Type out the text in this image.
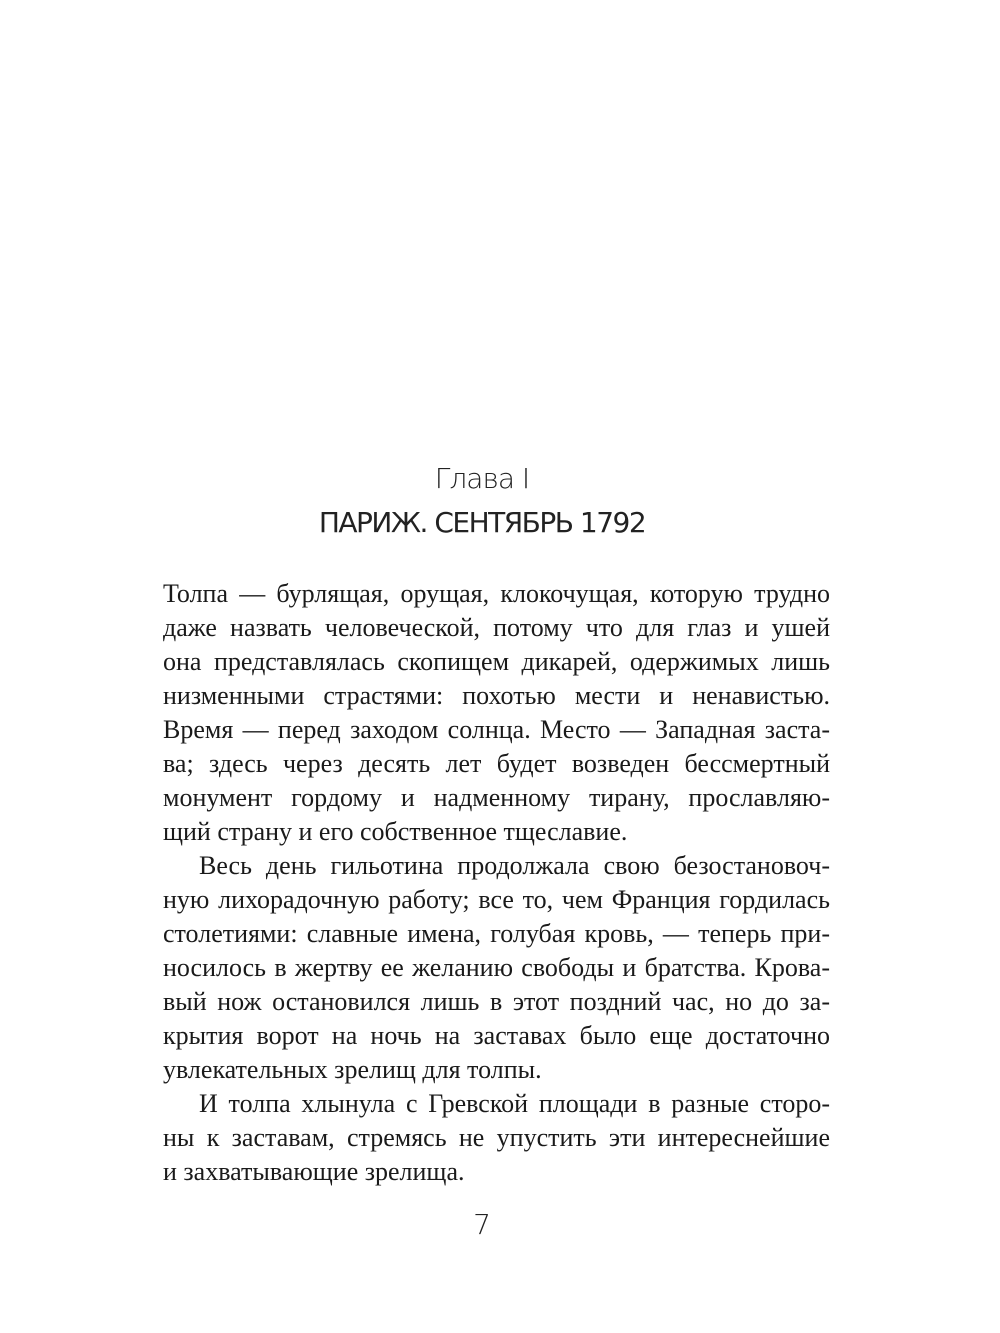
Глава I
ПАРИЖ. СЕНТЯБРЬ 1792
Толпа — бурлящая, орущая, клокочущая, которую трудно
даже назвать человеческой, потому что для глаз и ушей
она представлялась скопищем дикарей, одержимых лишь
низменными страстями: похотью мести и ненавистью.
Время — перед заходом солнца. Место — Западная заста-
ва; здесь через десять лет будет возведен бессмертный
монумент гордому и надменному тирану, прославляю-
щий страну и его собственное тщеславие.
Весь день гильотина продолжала свою безостановоч-
ную лихорадочную работу; все то, чем Франция гордилась
столетиями: славные имена, голубая кровь, — теперь при-
носилось в жертву ее желанию свободы и братства. Крова-
вый нож остановился лишь в этот поздний час, но до за-
крытия ворот на ночь на заставах было еще достаточно
увлекательных зрелищ для толпы.
И толпа хлынула с Гревской площади в разные сторо-
ны к заставам, стремясь не упустить эти интереснейшие
и захватывающие зрелища.
7
